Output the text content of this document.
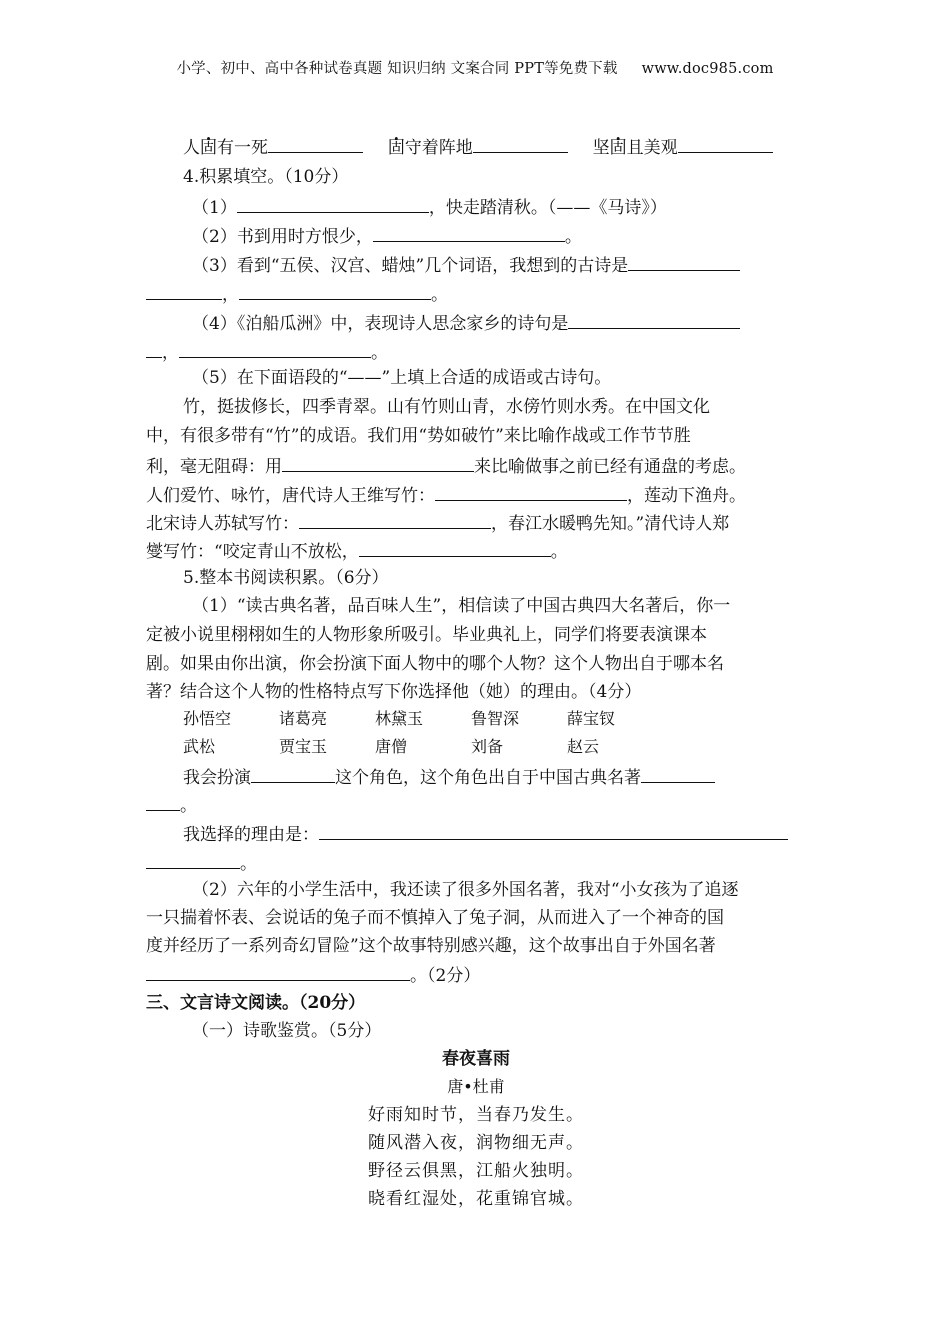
小学、初中、高中各种试卷真题 知识归纳 文案合同 PPT等免费下载 www.doc985.com
人固有一死	固守着阵地	坚固且美观
4.积累填空。（10分）
（1）	，快走踏清秋。（——《马诗》）
（2）书到用时方恨少，	。
（3）看到“五侯、汉宫、蜡烛”几个词语，我想到的古诗是
，	。
（4）《泊船瓜洲》中，表现诗人思念家乡的诗句是
，	。
（5）在下面语段的“——”上填上合适的成语或古诗句。
竹，挺拔修长，四季青翠。山有竹则山青，水傍竹则水秀。在中国文化
中，有很多带有“竹”的成语。我们用“势如破竹”来比喻作战或工作节节胜
利，毫无阻碍：用	来比喻做事之前已经有通盘的考虑。
人们爱竹、咏竹，唐代诗人王维写竹：	，莲动下渔舟。
北宋诗人苏轼写竹：	，春江水暖鸭先知。”清代诗人郑
燮写竹：“咬定青山不放松，	。
5.整本书阅读积累。（6分）
（1）“读古典名著，品百味人生”，相信读了中国古典四大名著后，你一
定被小说里栩栩如生的人物形象所吸引。毕业典礼上，同学们将要表演课本
剧。如果由你出演，你会扮演下面人物中的哪个人物？这个人物出自于哪本名
著？结合这个人物的性格特点写下你选择他（她）的理由。（4分）
孙悟空	诸葛亮	林黛玉	鲁智深	薛宝钗
武松	贾宝玉	唐僧	刘备	赵云
我会扮演	这个角色，这个角色出自于中国古典名著
。
我选择的理由是：
。
（2）六年的小学生活中，我还读了很多外国名著，我对“小女孩为了追逐
一只揣着怀表、会说话的兔子而不慎掉入了兔子洞，从而进入了一个神奇的国
度并经历了一系列奇幻冒险”这个故事特别感兴趣，这个故事出自于外国名著
。（2分）
三、文言诗文阅读。（20分）
（一）诗歌鉴赏。（5分）
春夜喜雨
唐•杜甫
好雨知时节，当春乃发生。
随风潜入夜，润物细无声。
野径云俱黑，江船火独明。
晓看红湿处，花重锦官城。
